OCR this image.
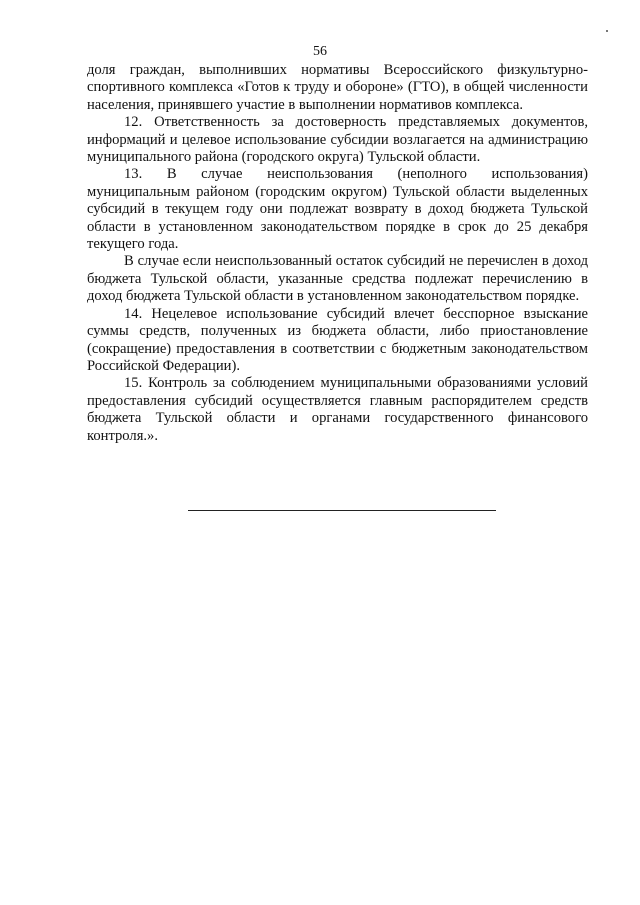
56

доля граждан, выполнивших нормативы Всероссийского физкультурно-спортивного комплекса «Готов к труду и обороне» (ГТО), в общей численности населения, принявшего участие в выполнении нормативов комплекса.

12. Ответственность за достоверность представляемых документов, информаций и целевое использование субсидии возлагается на администрацию муниципального района (городского округа) Тульской области.

13. В случае неиспользования (неполного использования) муниципальным районом (городским округом) Тульской области выделенных субсидий в текущем году они подлежат возврату в доход бюджета Тульской области в установленном законодательством порядке в срок до 25 декабря текущего года.

В случае если неиспользованный остаток субсидий не перечислен в доход бюджета Тульской области, указанные средства подлежат перечислению в доход бюджета Тульской области в установленном законодательством порядке.

14. Нецелевое использование субсидий влечет бесспорное взыскание суммы средств, полученных из бюджета области, либо приостановление (сокращение) предоставления в соответствии с бюджетным законодательством Российской Федерации).

15. Контроль за соблюдением муниципальными образованиями условий предоставления субсидий осуществляется главным распорядителем средств бюджета Тульской области и органами государственного финансового контроля.».
